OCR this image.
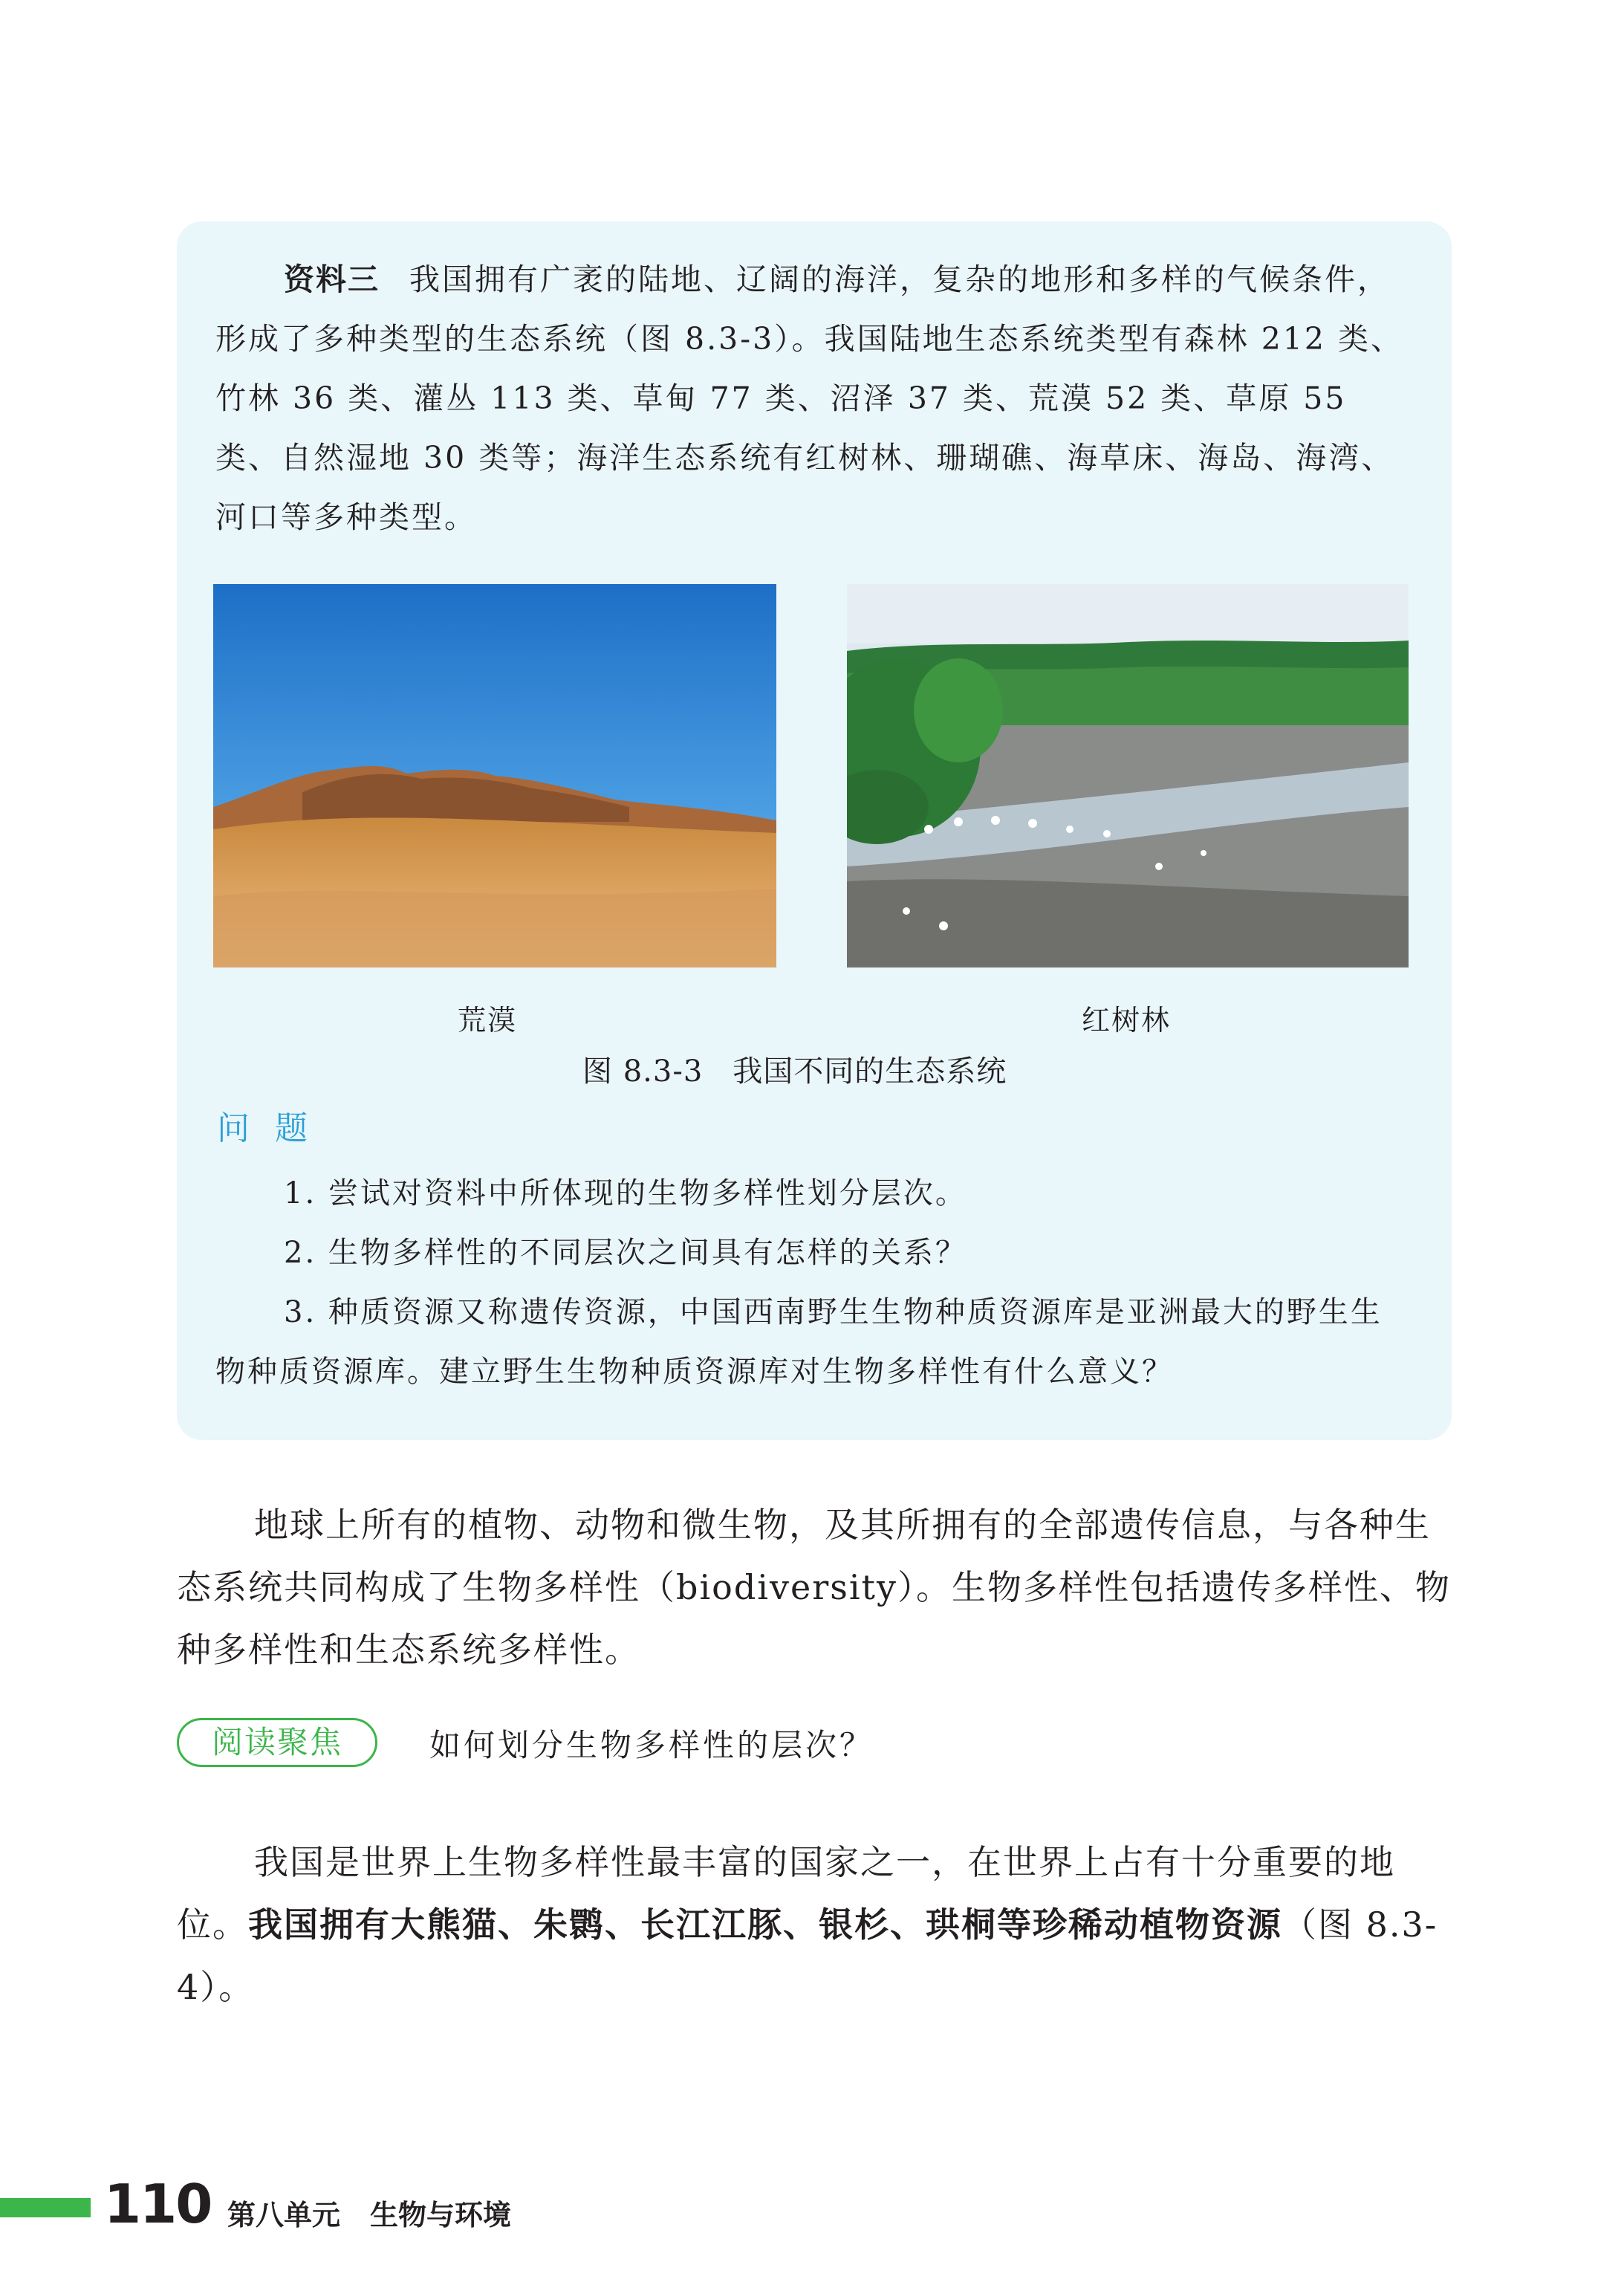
资料三 我国拥有广袤的陆地、辽阔的海洋，复杂的地形和多样的气候条件，形成了多种类型的生态系统（图 8.3-3）。我国陆地生态系统类型有森林 212 类、竹林 36 类、灌丛 113 类、草甸 77 类、沼泽 37 类、荒漠 52 类、草原 55 类、自然湿地 30 类等；海洋生态系统有红树林、珊瑚礁、海草床、海岛、海湾、河口等多种类型。

荒漠	红树林
图 8.3-3 我国不同的生态系统
问题
1. 尝试对资料中所体现的生物多样性划分层次。
2. 生物多样性的不同层次之间具有怎样的关系？
3. 种质资源又称遗传资源，中国西南野生生物种质资源库是亚洲最大的野生生物种质资源库。建立野生生物种质资源库对生物多样性有什么意义？

地球上所有的植物、动物和微生物，及其所拥有的全部遗传信息，与各种生态系统共同构成了生物多样性（biodiversity）。生物多样性包括遗传多样性、物种多样性和生态系统多样性。

阅读聚焦	如何划分生物多样性的层次？

我国是世界上生物多样性最丰富的国家之一，在世界上占有十分重要的地位。我国拥有大熊猫、朱鹮、长江江豚、银杉、珙桐等珍稀动植物资源（图 8.3-4）。

110 第八单元 生物与环境
